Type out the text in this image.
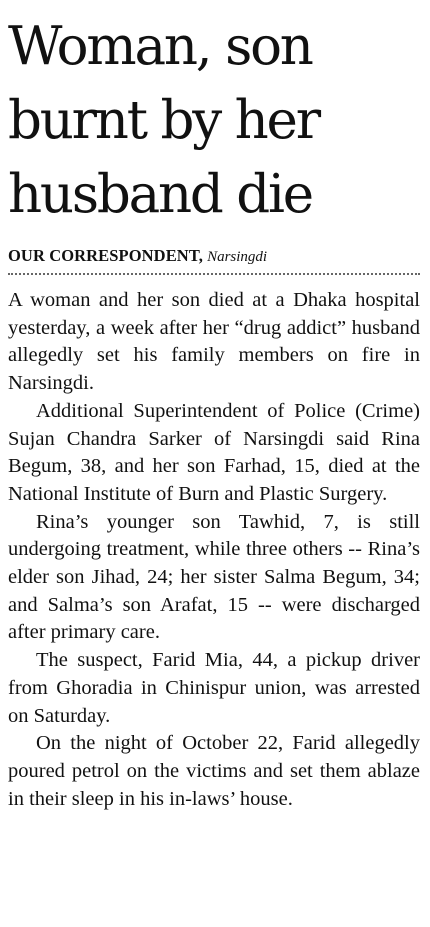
Woman, son burnt by her husband die
OUR CORRESPONDENT, Narsingdi

A woman and her son died at a Dhaka hospital yesterday, a week after her “drug addict” husband allegedly set his family members on fire in Narsingdi.

Additional Superintendent of Police (Crime) Sujan Chandra Sarker of Narsingdi said Rina Begum, 38, and her son Farhad, 15, died at the National Institute of Burn and Plastic Surgery.

Rina’s younger son Tawhid, 7, is still undergoing treatment, while three others -- Rina’s elder son Jihad, 24; her sister Salma Begum, 34; and Salma’s son Arafat, 15 -- were discharged after primary care.

The suspect, Farid Mia, 44, a pickup driver from Ghoradia in Chinispur union, was arrested on Saturday.

On the night of October 22, Farid allegedly poured petrol on the victims and set them ablaze in their sleep in his in-laws’ house.
